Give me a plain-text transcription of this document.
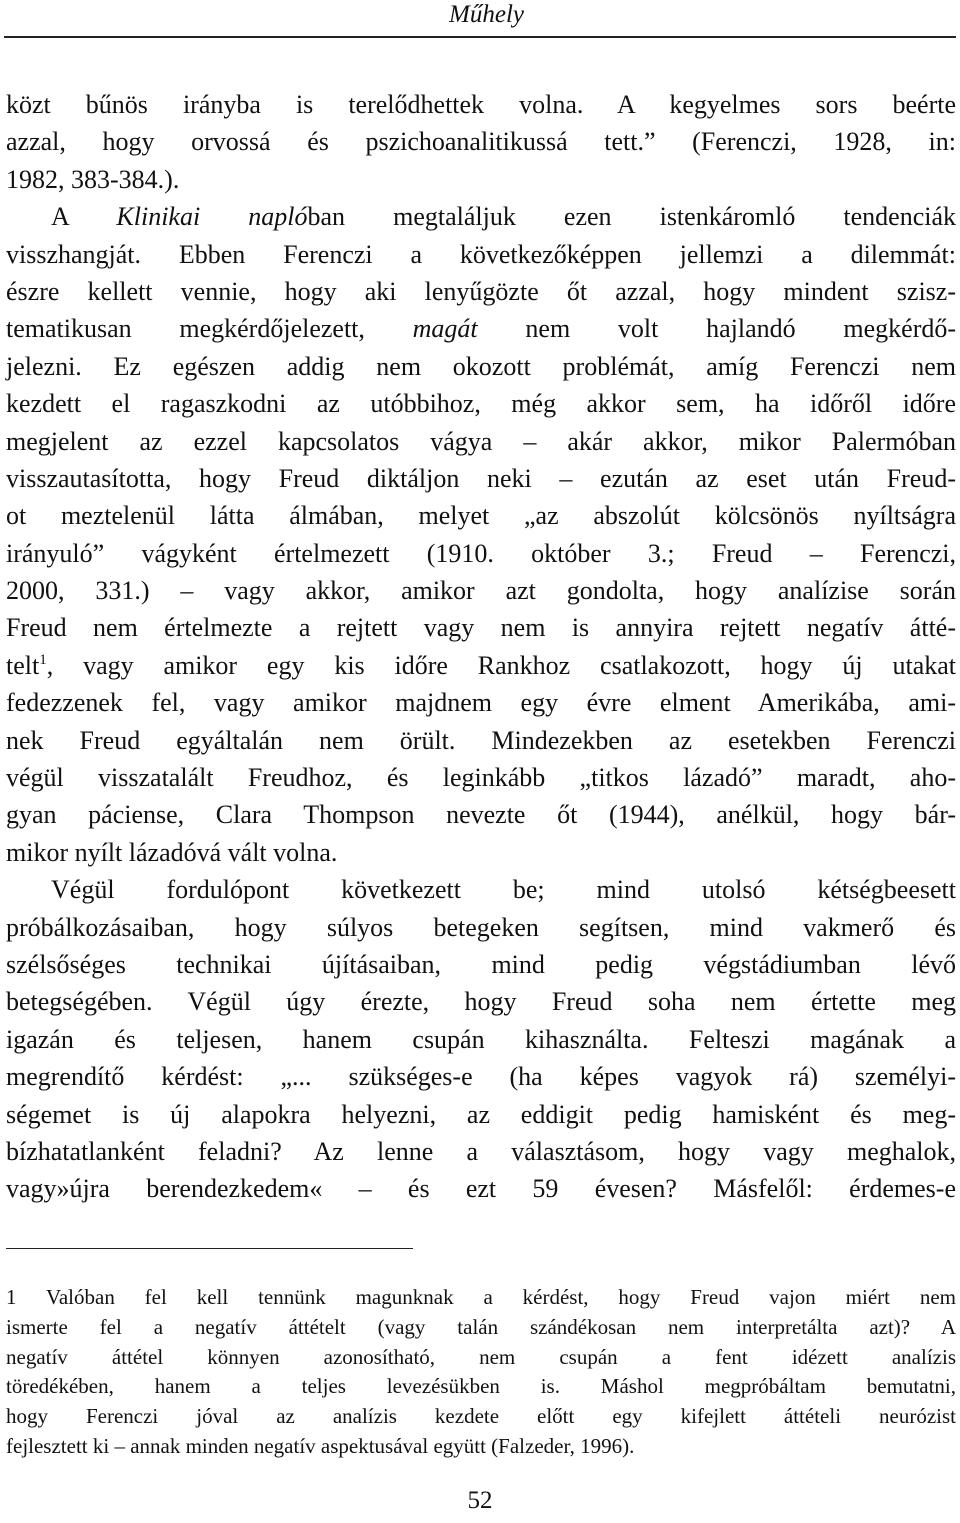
Műhely
közt bűnös irányba is terelődhettek volna. A kegyelmes sors beérte
azzal, hogy orvossá és pszichoanalitikussá tett.” (Ferenczi, 1928, in:
1982, 383-384.).
A Klinikai naplóban megtaláljuk ezen istenkáromló tendenciák
visszhangját. Ebben Ferenczi a következőképpen jellemzi a dilemmát:
észre kellett vennie, hogy aki lenyűgözte őt azzal, hogy mindent szisz-
tematikusan megkérdőjelezett, magát nem volt hajlandó megkérdő-
jelezni. Ez egészen addig nem okozott problémát, amíg Ferenczi nem
kezdett el ragaszkodni az utóbbihoz, még akkor sem, ha időről időre
megjelent az ezzel kapcsolatos vágya – akár akkor, mikor Palermóban
visszautasította, hogy Freud diktáljon neki – ezután az eset után Freud-
ot meztelenül látta álmában, melyet „az abszolút kölcsönös nyíltságra
irányuló” vágyként értelmezett (1910. október 3.; Freud – Ferenczi,
2000, 331.) – vagy akkor, amikor azt gondolta, hogy analízise során
Freud nem értelmezte a rejtett vagy nem is annyira rejtett negatív átté-
telt$^1$, vagy amikor egy kis időre Rankhoz csatlakozott, hogy új utakat
fedezzenek fel, vagy amikor majdnem egy évre elment Amerikába, ami-
nek Freud egyáltalán nem örült. Mindezekben az esetekben Ferenczi
végül visszatalált Freudhoz, és leginkább „titkos lázadó” maradt, aho-
gyan páciense, Clara Thompson nevezte őt (1944), anélkül, hogy bár-
mikor nyílt lázadóvá vált volna.
Végül fordulópont következett be; mind utolsó kétségbeesett
próbálkozásaiban, hogy súlyos betegeken segítsen, mind vakmerő és
szélsőséges technikai újításaiban, mind pedig végstádiumban lévő
betegségében. Végül úgy érezte, hogy Freud soha nem értette meg
igazán és teljesen, hanem csupán kihasználta. Felteszi magának a
megrendítő kérdést: „... szükséges-e (ha képes vagyok rá) személyi-
ségemet is új alapokra helyezni, az eddigit pedig hamisként és meg-
bízhatatlanként feladni? Az lenne a választásom, hogy vagy meghalok,
vagy»újra berendezkedem« – és ezt 59 évesen? Másfelől: érdemes-e
1 Valóban fel kell tennünk magunknak a kérdést, hogy Freud vajon miért nem
ismerte fel a negatív áttételt (vagy talán szándékosan nem interpretálta azt)? A
negatív áttétel könnyen azonosítható, nem csupán a fent idézett analízis
töredékében, hanem a teljes levezésükben is. Máshol megpróbáltam bemutatni,
hogy Ferenczi jóval az analízis kezdete előtt egy kifejlett áttételi neurózist
fejlesztett ki – annak minden negatív aspektusával együtt (Falzeder, 1996).
52
